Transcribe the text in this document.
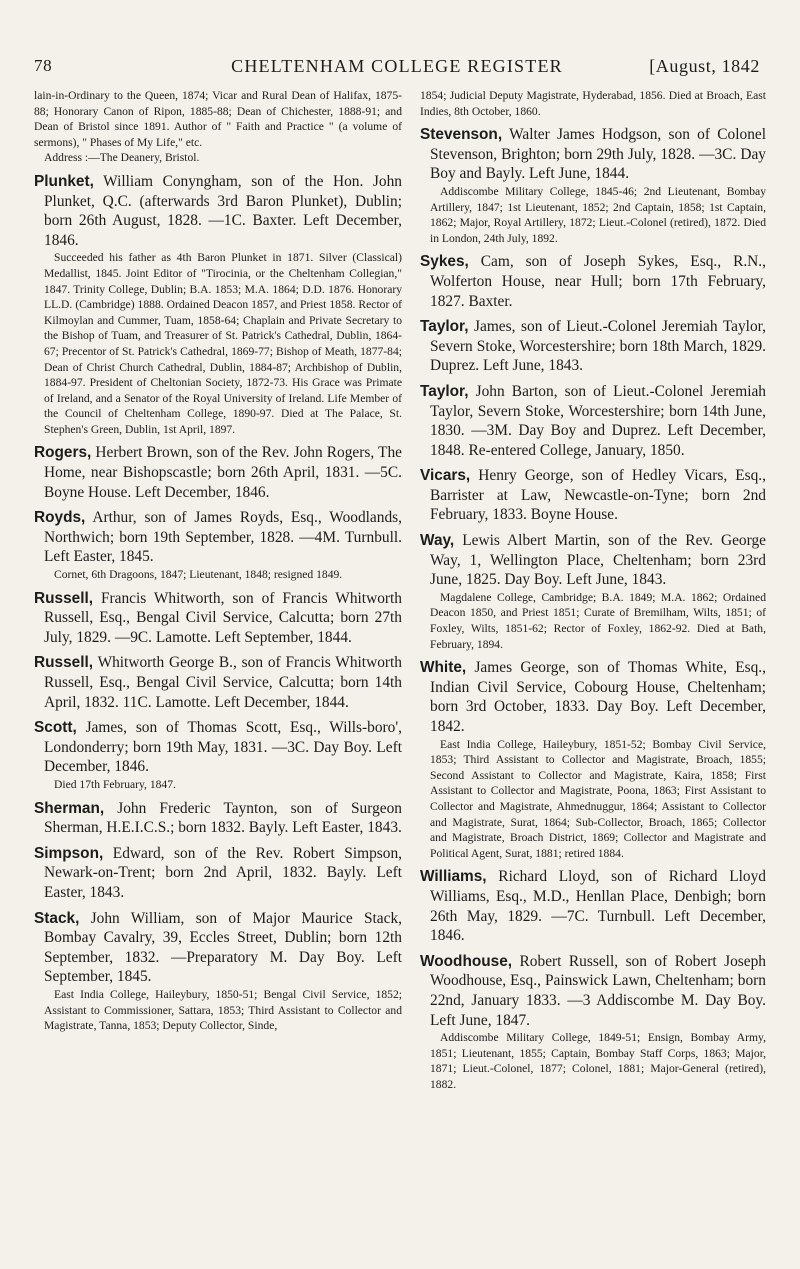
78	CHELTENHAM COLLEGE REGISTER	[August, 1842

lain-in-Ordinary to the Queen, 1874; Vicar and Rural Dean of Halifax, 1875-88; Honorary Canon of Ripon, 1885-88; Dean of Chichester, 1888-91; and Dean of Bristol since 1891. Author of " Faith and Practice " (a volume of sermons), " Phases of My Life," etc.

Address :—The Deanery, Bristol.

Plunket, William Conyngham, son of the Hon. John Plunket, Q.C. (afterwards 3rd Baron Plunket), Dublin; born 26th August, 1828. —1C. Baxter. Left December, 1846.

Succeeded his father as 4th Baron Plunket in 1871. Silver (Classical) Medallist, 1845. Joint Editor of "Tirocinia, or the Cheltenham Collegian," 1847. Trinity College, Dublin; B.A. 1853; M.A. 1864; D.D. 1876. Honorary LL.D. (Cambridge) 1888. Ordained Deacon 1857, and Priest 1858. Rector of Kilmoylan and Cummer, Tuam, 1858-64; Chaplain and Private Secretary to the Bishop of Tuam, and Treasurer of St. Patrick's Cathedral, Dublin, 1864-67; Precentor of St. Patrick's Cathedral, 1869-77; Bishop of Meath, 1877-84; Dean of Christ Church Cathedral, Dublin, 1884-87; Archbishop of Dublin, 1884-97. President of Cheltonian Society, 1872-73. His Grace was Primate of Ireland, and a Senator of the Royal University of Ireland. Life Member of the Council of Cheltenham College, 1890-97. Died at The Palace, St. Stephen's Green, Dublin, 1st April, 1897.

Rogers, Herbert Brown, son of the Rev. John Rogers, The Home, near Bishopscastle; born 26th April, 1831. —5C. Boyne House. Left December, 1846.

Royds, Arthur, son of James Royds, Esq., Woodlands, Northwich; born 19th September, 1828. —4M. Turnbull. Left Easter, 1845.

Cornet, 6th Dragoons, 1847; Lieutenant, 1848; resigned 1849.

Russell, Francis Whitworth, son of Francis Whitworth Russell, Esq., Bengal Civil Service, Calcutta; born 27th July, 1829. —9C. Lamotte. Left September, 1844.

Russell, Whitworth George B., son of Francis Whitworth Russell, Esq., Bengal Civil Service, Calcutta; born 14th April, 1832. 11C. Lamotte. Left December, 1844.

Scott, James, son of Thomas Scott, Esq., Wills-boro', Londonderry; born 19th May, 1831. —3C. Day Boy. Left December, 1846.

Died 17th February, 1847.

Sherman, John Frederic Taynton, son of Surgeon Sherman, H.E.I.C.S.; born 1832. Bayly. Left Easter, 1843.

Simpson, Edward, son of the Rev. Robert Simpson, Newark-on-Trent; born 2nd April, 1832. Bayly. Left Easter, 1843.

Stack, John William, son of Major Maurice Stack, Bombay Cavalry, 39, Eccles Street, Dublin; born 12th September, 1832. —Preparatory M. Day Boy. Left September, 1845.

East India College, Haileybury, 1850-51; Bengal Civil Service, 1852; Assistant to Commissioner, Sattara, 1853; Third Assistant to Collector and Magistrate, Tanna, 1853; Deputy Collector, Sinde,

1854; Judicial Deputy Magistrate, Hyderabad, 1856. Died at Broach, East Indies, 8th October, 1860.

Stevenson, Walter James Hodgson, son of Colonel Stevenson, Brighton; born 29th July, 1828. —3C. Day Boy and Bayly. Left June, 1844.

Addiscombe Military College, 1845-46; 2nd Lieutenant, Bombay Artillery, 1847; 1st Lieutenant, 1852; 2nd Captain, 1858; 1st Captain, 1862; Major, Royal Artillery, 1872; Lieut.-Colonel (retired), 1872. Died in London, 24th July, 1892.

Sykes, Cam, son of Joseph Sykes, Esq., R.N., Wolferton House, near Hull; born 17th February, 1827. Baxter.

Taylor, James, son of Lieut.-Colonel Jeremiah Taylor, Severn Stoke, Worcestershire; born 18th March, 1829. Duprez. Left June, 1843.

Taylor, John Barton, son of Lieut.-Colonel Jeremiah Taylor, Severn Stoke, Worcestershire; born 14th June, 1830. —3M. Day Boy and Duprez. Left December, 1848. Re-entered College, January, 1850.

Vicars, Henry George, son of Hedley Vicars, Esq., Barrister at Law, Newcastle-on-Tyne; born 2nd February, 1833. Boyne House.

Way, Lewis Albert Martin, son of the Rev. George Way, 1, Wellington Place, Cheltenham; born 23rd June, 1825. Day Boy. Left June, 1843.

Magdalene College, Cambridge; B.A. 1849; M.A. 1862; Ordained Deacon 1850, and Priest 1851; Curate of Bremilham, Wilts, 1851; of Foxley, Wilts, 1851-62; Rector of Foxley, 1862-92. Died at Bath, February, 1894.

White, James George, son of Thomas White, Esq., Indian Civil Service, Cobourg House, Cheltenham; born 3rd October, 1833. Day Boy. Left December, 1842.

East India College, Haileybury, 1851-52; Bombay Civil Service, 1853; Third Assistant to Collector and Magistrate, Broach, 1855; Second Assistant to Collector and Magistrate, Kaira, 1858; First Assistant to Collector and Magistrate, Poona, 1863; First Assistant to Collector and Magistrate, Ahmednuggur, 1864; Assistant to Collector and Magistrate, Surat, 1864; Sub-Collector, Broach, 1865; Collector and Magistrate, Broach District, 1869; Collector and Magistrate and Political Agent, Surat, 1881; retired 1884.

Williams, Richard Lloyd, son of Richard Lloyd Williams, Esq., M.D., Henllan Place, Denbigh; born 26th May, 1829. —7C. Turnbull. Left December, 1846.

Woodhouse, Robert Russell, son of Robert Joseph Woodhouse, Esq., Painswick Lawn, Cheltenham; born 22nd, January 1833. —3 Addiscombe M. Day Boy. Left June, 1847.

Addiscombe Military College, 1849-51; Ensign, Bombay Army, 1851; Lieutenant, 1855; Captain, Bombay Staff Corps, 1863; Major, 1871; Lieut.-Colonel, 1877; Colonel, 1881; Major-General (retired), 1882.
